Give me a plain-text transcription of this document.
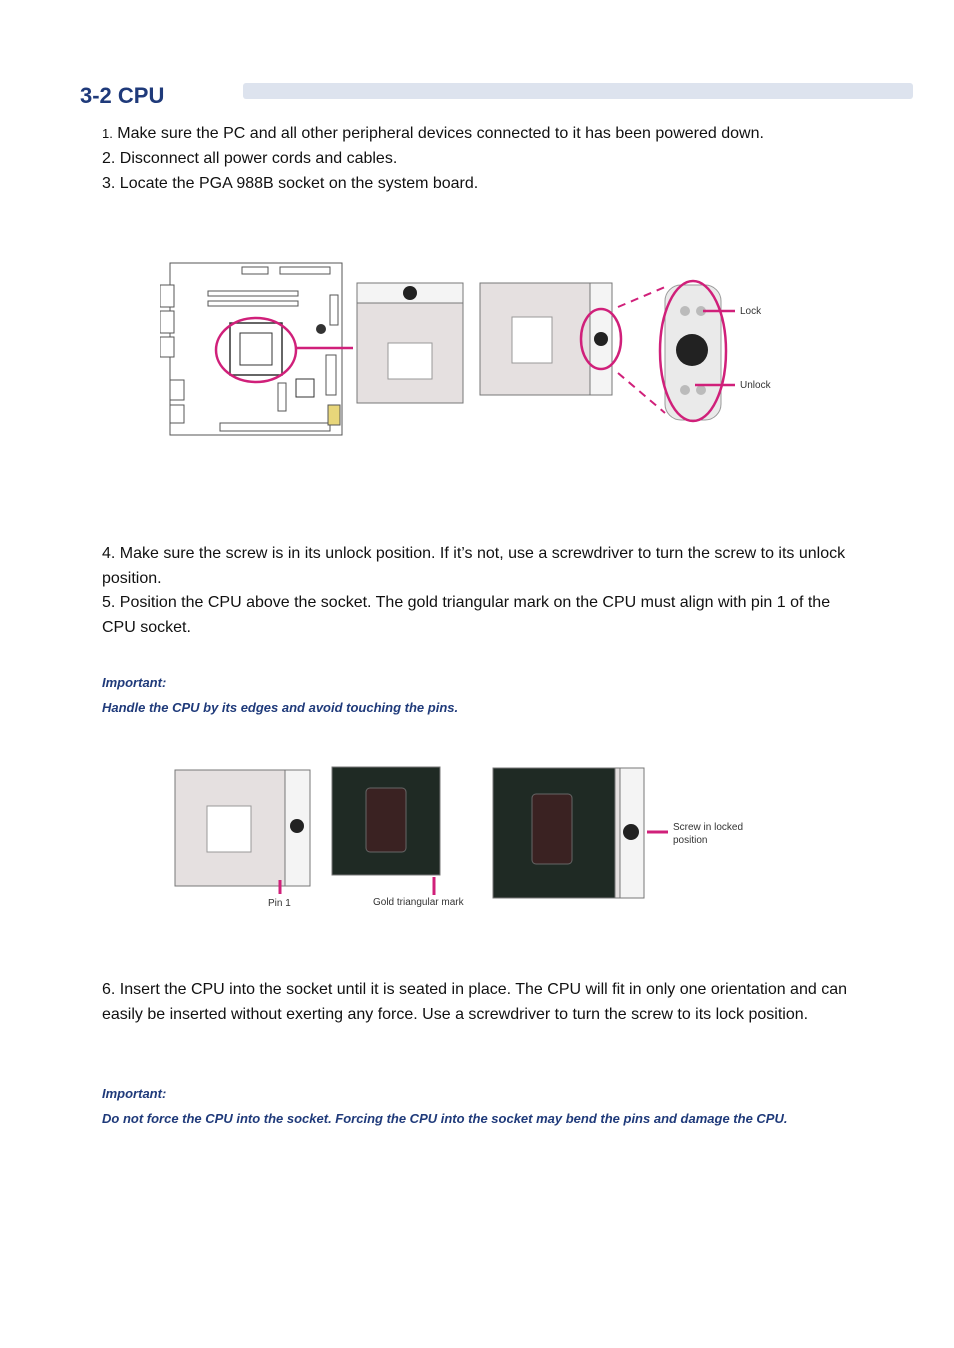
3-2 CPU
1. Make sure the PC and all other peripheral devices connected to it has been powered down.
2. Disconnect all power cords and cables.
3. Locate the PGA 988B socket on the system board.
Lock
Unlock
4. Make sure the screw is in its unlock position. If it’s not, use a screwdriver to turn the screw to its unlock position.
5. Position the CPU above the socket. The gold triangular mark on the CPU must align with pin 1 of the CPU socket.
Important:
Handle the CPU by its edges and avoid touching the pins.
Pin 1	Gold triangular mark
Screw in locked
position
6. Insert the CPU into the socket until it is seated in place. The CPU will fit in only one orientation and can easily be inserted without exerting any force. Use a screwdriver to turn the screw to its lock position.
Important:
Do not force the CPU into the socket. Forcing the CPU into the socket may bend the pins and damage the CPU.
